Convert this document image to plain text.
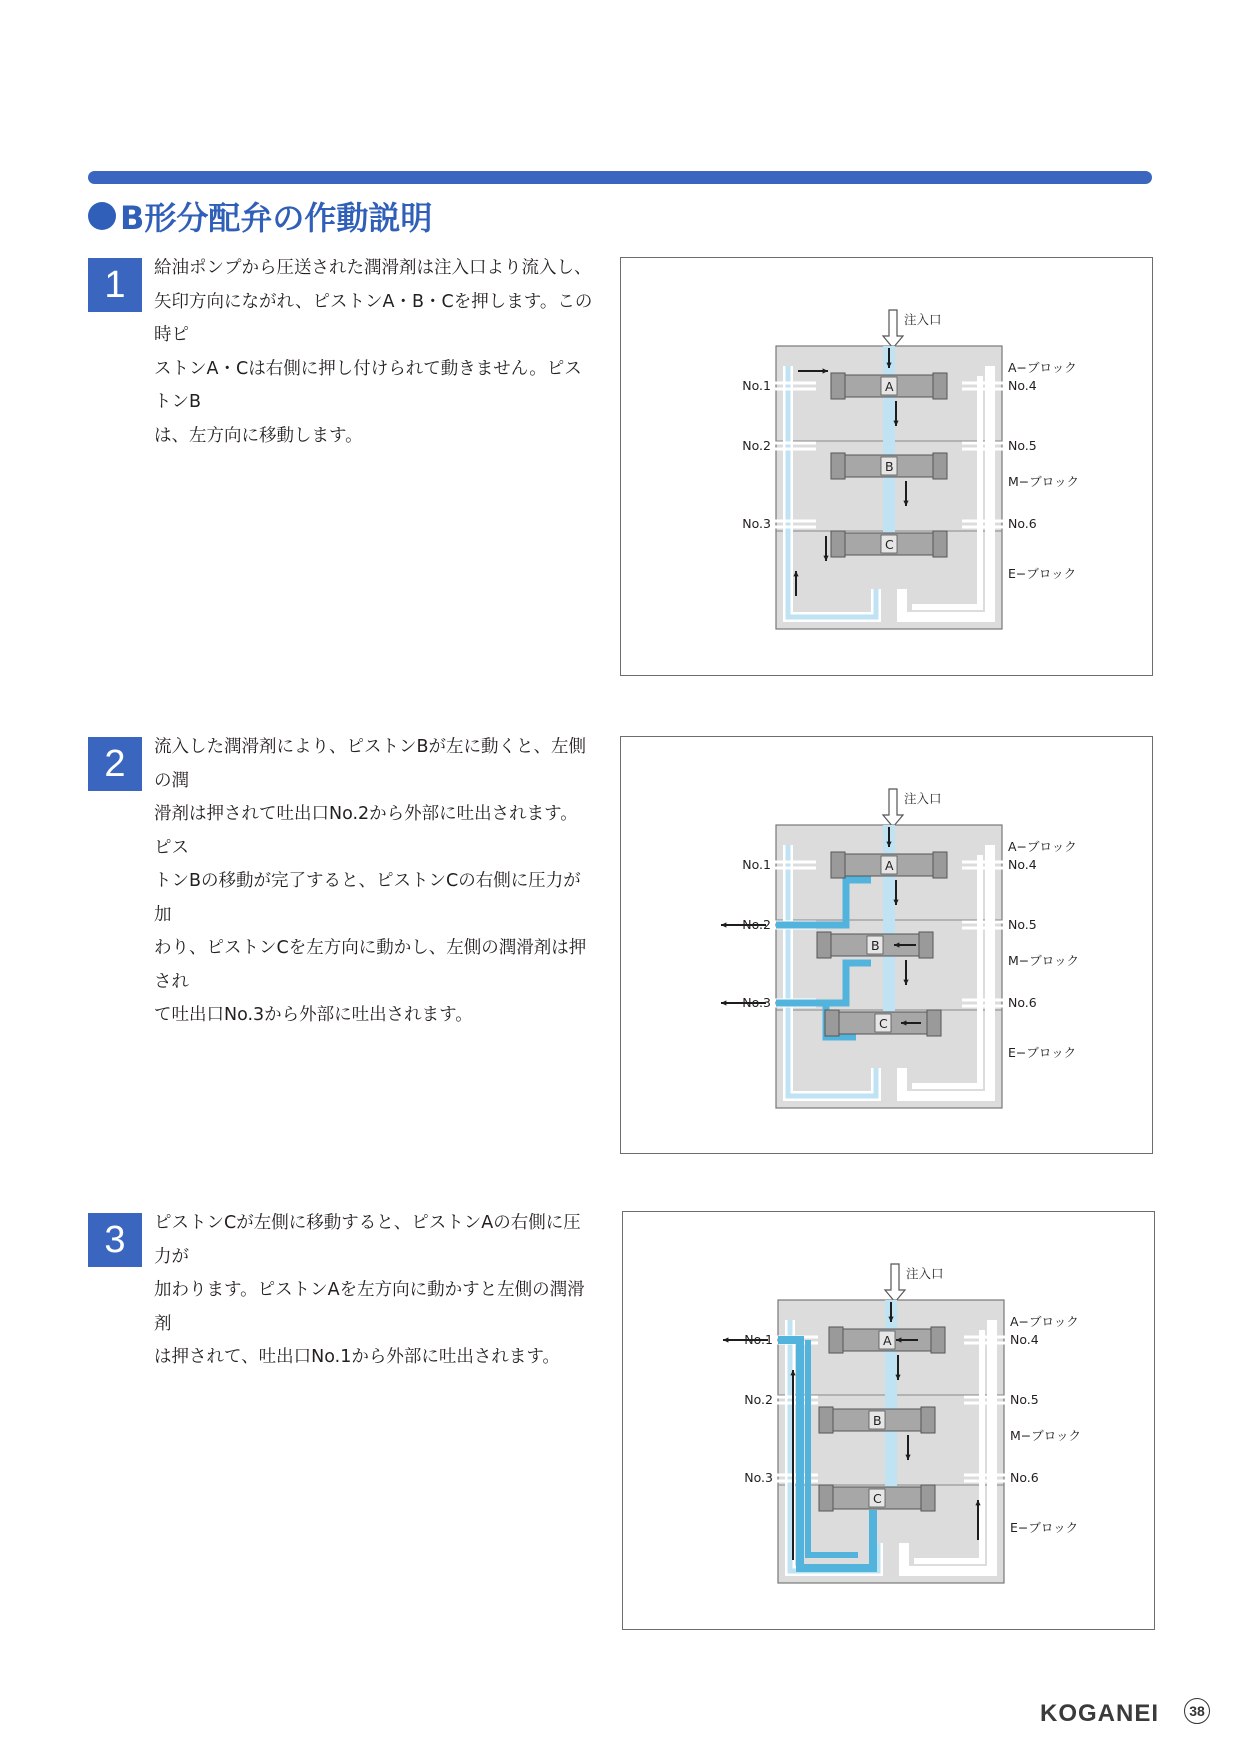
B形分配弁の作動説明
1	給油ポンプから圧送された潤滑剤は注入口より流入し、
矢印方向にながれ、ピストンA・B・Cを押します。この時ピ
ストンA・Cは右側に押し付けられて動きません。ピストンB
は、左方向に移動します。
注入口
A
B
C
No.1
No.2
No.3
A−ブロック
No.4
No.5
M−ブロック
No.6
E−ブロック
2	流入した潤滑剤により、ピストンBが左に動くと、左側の潤
滑剤は押されて吐出口No.2から外部に吐出されます。ピス
トンBの移動が完了すると、ピストンCの右側に圧力が加
わり、ピストンCを左方向に動かし、左側の潤滑剤は押され
て吐出口No.3から外部に吐出されます。
注入口
A
B
C
No.1
No.2
No.3
A−ブロック
No.4
No.5
M−ブロック
No.6
E−ブロック
3	ピストンCが左側に移動すると、ピストンAの右側に圧力が
加わります。ピストンAを左方向に動かすと左側の潤滑剤
は押されて、吐出口No.1から外部に吐出されます。
注入口
A
B
C
No.1
No.2
No.3
A−ブロック
No.4
No.5
M−ブロック
No.6
E−ブロック
KOGANEI	38
